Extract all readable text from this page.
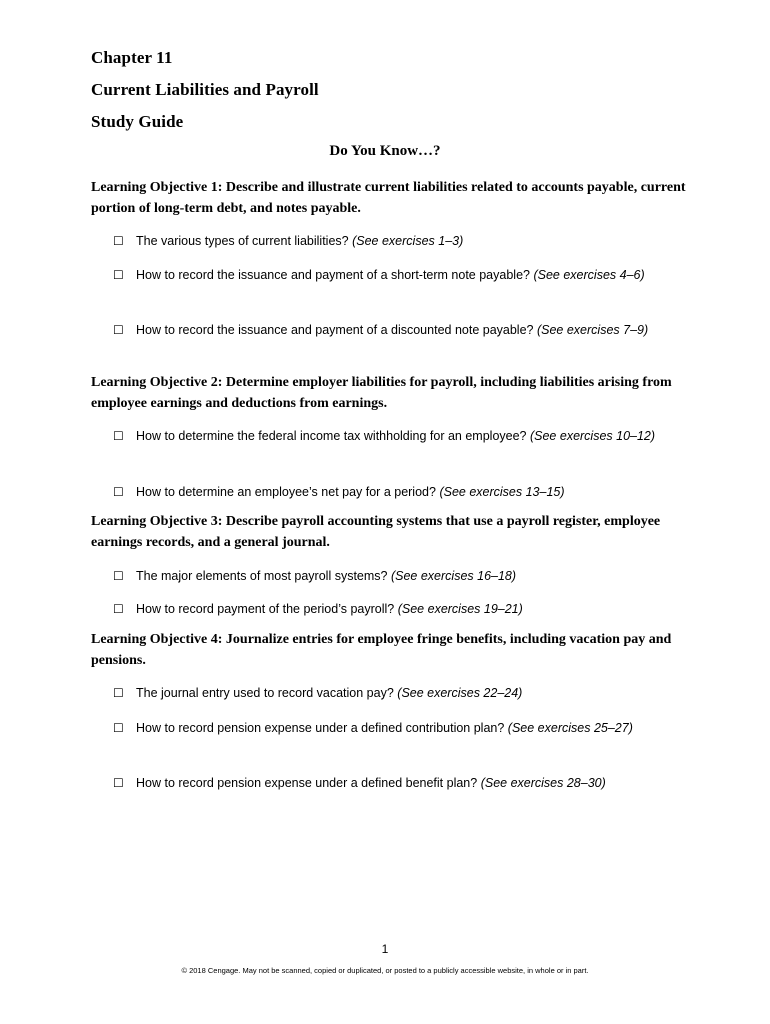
Chapter 11
Current Liabilities and Payroll
Study Guide
Do You Know…?
Learning Objective 1: Describe and illustrate current liabilities related to accounts payable, current portion of long-term debt, and notes payable.
☐ The various types of current liabilities? (See exercises 1–3)
☐ How to record the issuance and payment of a short-term note payable? (See exercises 4–6)
☐ How to record the issuance and payment of a discounted note payable? (See exercises 7–9)
Learning Objective 2: Determine employer liabilities for payroll, including liabilities arising from employee earnings and deductions from earnings.
☐ How to determine the federal income tax withholding for an employee? (See exercises 10–12)
☐ How to determine an employee’s net pay for a period? (See exercises 13–15)
Learning Objective 3: Describe payroll accounting systems that use a payroll register, employee earnings records, and a general journal.
☐ The major elements of most payroll systems? (See exercises 16–18)
☐ How to record payment of the period’s payroll? (See exercises 19–21)
Learning Objective 4: Journalize entries for employee fringe benefits, including vacation pay and pensions.
☐ The journal entry used to record vacation pay? (See exercises 22–24)
☐ How to record pension expense under a defined contribution plan? (See exercises 25–27)
☐ How to record pension expense under a defined benefit plan? (See exercises 28–30)
1
© 2018 Cengage. May not be scanned, copied or duplicated, or posted to a publicly accessible website, in whole or in part.
